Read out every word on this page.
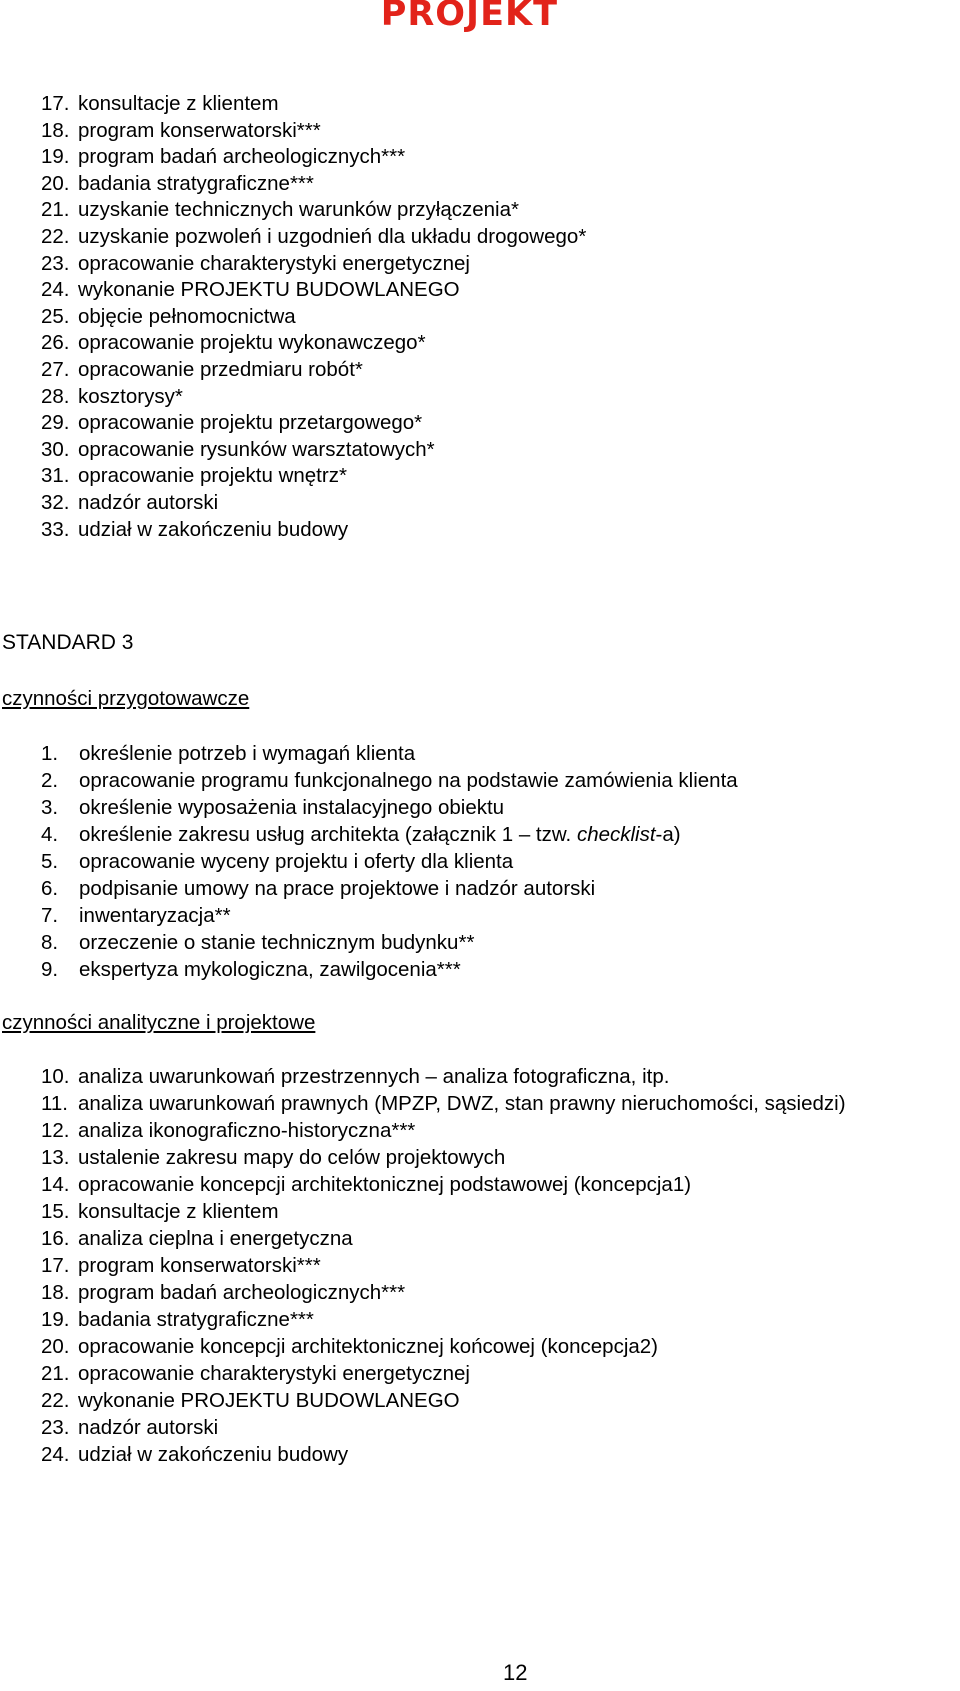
PROJEKT
17. konsultacje z klientem
18. program konserwatorski***
19. program badań archeologicznych***
20. badania stratygraficzne***
21. uzyskanie technicznych warunków przyłączenia*
22. uzyskanie pozwoleń i uzgodnień dla układu drogowego*
23. opracowanie charakterystyki energetycznej
24. wykonanie PROJEKTU BUDOWLANEGO
25. objęcie pełnomocnictwa
26. opracowanie projektu wykonawczego*
27. opracowanie przedmiaru robót*
28. kosztorysy*
29. opracowanie projektu przetargowego*
30. opracowanie rysunków warsztatowych*
31. opracowanie projektu wnętrz*
32. nadzór autorski
33. udział w zakończeniu budowy
STANDARD 3
czynności przygotowawcze
1. określenie potrzeb i wymagań klienta
2. opracowanie programu funkcjonalnego na podstawie zamówienia klienta
3. określenie wyposażenia instalacyjnego obiektu
4. określenie zakresu usług architekta (załącznik 1 – tzw. checklist-a)
5. opracowanie wyceny projektu i oferty dla klienta
6. podpisanie umowy na prace projektowe i nadzór autorski
7. inwentaryzacja**
8. orzeczenie o stanie technicznym budynku**
9. ekspertyza mykologiczna, zawilgocenia***
czynności analityczne i projektowe
10. analiza uwarunkowań przestrzennych – analiza fotograficzna, itp.
11. analiza uwarunkowań prawnych (MPZP, DWZ, stan prawny nieruchomości, sąsiedzi)
12. analiza ikonograficzno-historyczna***
13. ustalenie zakresu mapy do celów projektowych
14. opracowanie koncepcji architektonicznej podstawowej (koncepcja1)
15. konsultacje z klientem
16. analiza cieplna i energetyczna
17. program konserwatorski***
18. program badań archeologicznych***
19. badania stratygraficzne***
20. opracowanie koncepcji architektonicznej końcowej (koncepcja2)
21. opracowanie charakterystyki energetycznej
22. wykonanie PROJEKTU BUDOWLANEGO
23. nadzór autorski
24. udział w zakończeniu budowy
12
